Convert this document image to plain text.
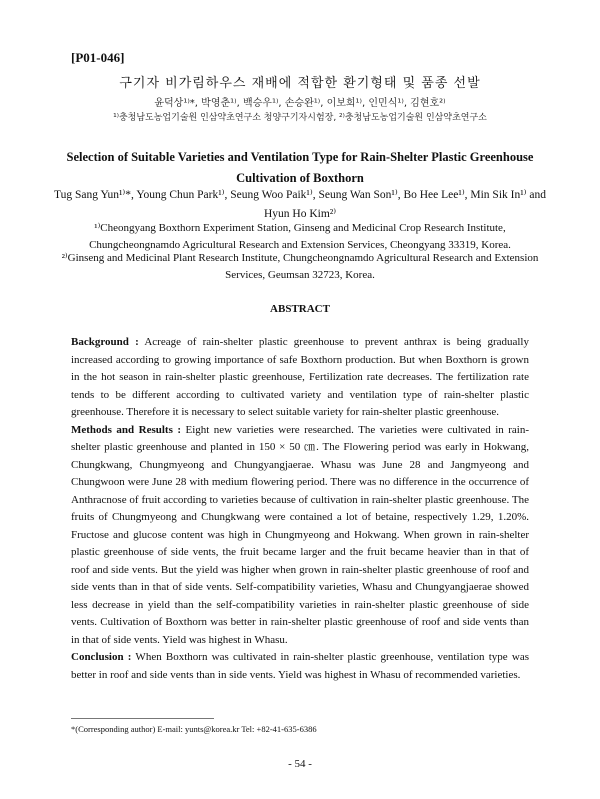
[P01-046]
구기자 비가림하우스 재배에 적합한 환기형태 및 품종 선발
윤덕상¹⁾*, 박영춘¹⁾, 백승우¹⁾, 손승완¹⁾, 이보희¹⁾, 인민식¹⁾, 김현호²⁾
¹⁾충청남도농업기술원 인삼약초연구소 청양구기자시험장, ²⁾충청남도농업기술원 인삼약초연구소
Selection of Suitable Varieties and Ventilation Type for Rain-Shelter Plastic Greenhouse Cultivation of Boxthorn
Tug Sang Yun¹⁾*, Young Chun Park¹⁾, Seung Woo Paik¹⁾, Seung Wan Son¹⁾, Bo Hee Lee¹⁾, Min Sik In¹⁾ and Hyun Ho Kim²⁾
¹⁾Cheongyang Boxthorn Experiment Station, Ginseng and Medicinal Crop Research Institute, Chungcheongnamdo Agricultural Research and Extension Services, Cheongyang 33319, Korea.
²⁾Ginseng and Medicinal Plant Research Institute, Chungcheongnamdo Agricultural Research and Extension Services, Geumsan 32723, Korea.
ABSTRACT

Background : Acreage of rain-shelter plastic greenhouse to prevent anthrax is being gradually increased according to growing importance of safe Boxthorn production. But when Boxthorn is grown in the hot season in rain-shelter plastic greenhouse, Fertilization rate decreases. The fertilization rate tends to be different according to cultivated variety and ventilation type of rain-shelter plastic greenhouse. Therefore it is necessary to select suitable variety for rain-shelter plastic greenhouse.

Methods and Results : Eight new varieties were researched. The varieties were cultivated in rain-shelter plastic greenhouse and planted in 150 × 50 ㎝. The Flowering period was early in Hokwang, Chungkwang, Chungmyeong and Chungyangjaerae. Whasu was June 28 and Jangmyeong and Chungwoon were June 28 with medium flowering period. There was no difference in the occurrence of Anthracnose of fruit according to varieties because of cultivation in rain-shelter plastic greenhouse. The fruits of Chungmyeong and Chungkwang were contained a lot of betaine, respectively 1.29, 1.20%. Fructose and glucose content was high in Chungmyeong and Hokwang. When grown in rain-shelter plastic greenhouse of side vents, the fruit became larger and the fruit became heavier than in that of roof and side vents. But the yield was higher when grown in rain-shelter plastic greenhouse of roof and side vents than in that of side vents. Self-compatibility varieties, Whasu and Chungyangjaerae showed less decrease in yield than the self-compatibility varieties in rain-shelter plastic greenhouse of side vents. Cultivation of Boxthorn was better in rain-shelter plastic greenhouse of roof and side vents than in that of side vents. Yield was highest in Whasu.

Conclusion : When Boxthorn was cultivated in rain-shelter plastic greenhouse, ventilation type was better in roof and side vents than in side vents. Yield was highest in Whasu of recommended varieties.

*(Corresponding author) E-mail: yunts@korea.kr Tel: +82-41-635-6386
- 54 -
